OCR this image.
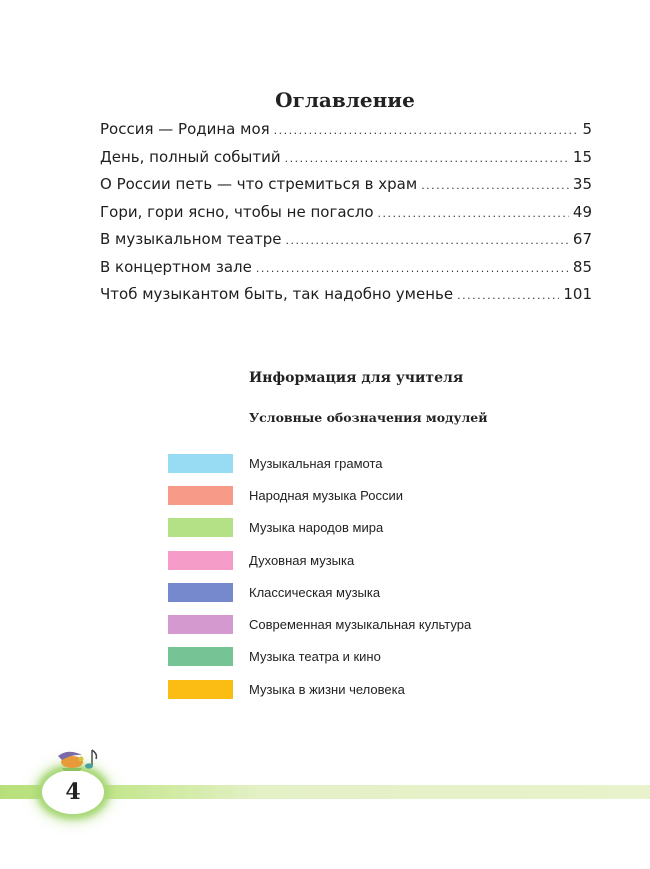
Оглавление
Россия — Родина моя .....	5
День, полный событий .....	15
О России петь — что стремиться в храм .....	35
Гори, гори ясно, чтобы не погасло .....	49
В музыкальном театре .....	67
В концертном зале .....	85
Чтоб музыкантом быть, так надобно уменье .....	101
Информация для учителя
Условные обозначения модулей
Музыкальная грамота
Народная музыка России
Музыка народов мира
Духовная музыка
Классическая музыка
Современная музыкальная культура
Музыка театра и кино
Музыка в жизни человека
4
